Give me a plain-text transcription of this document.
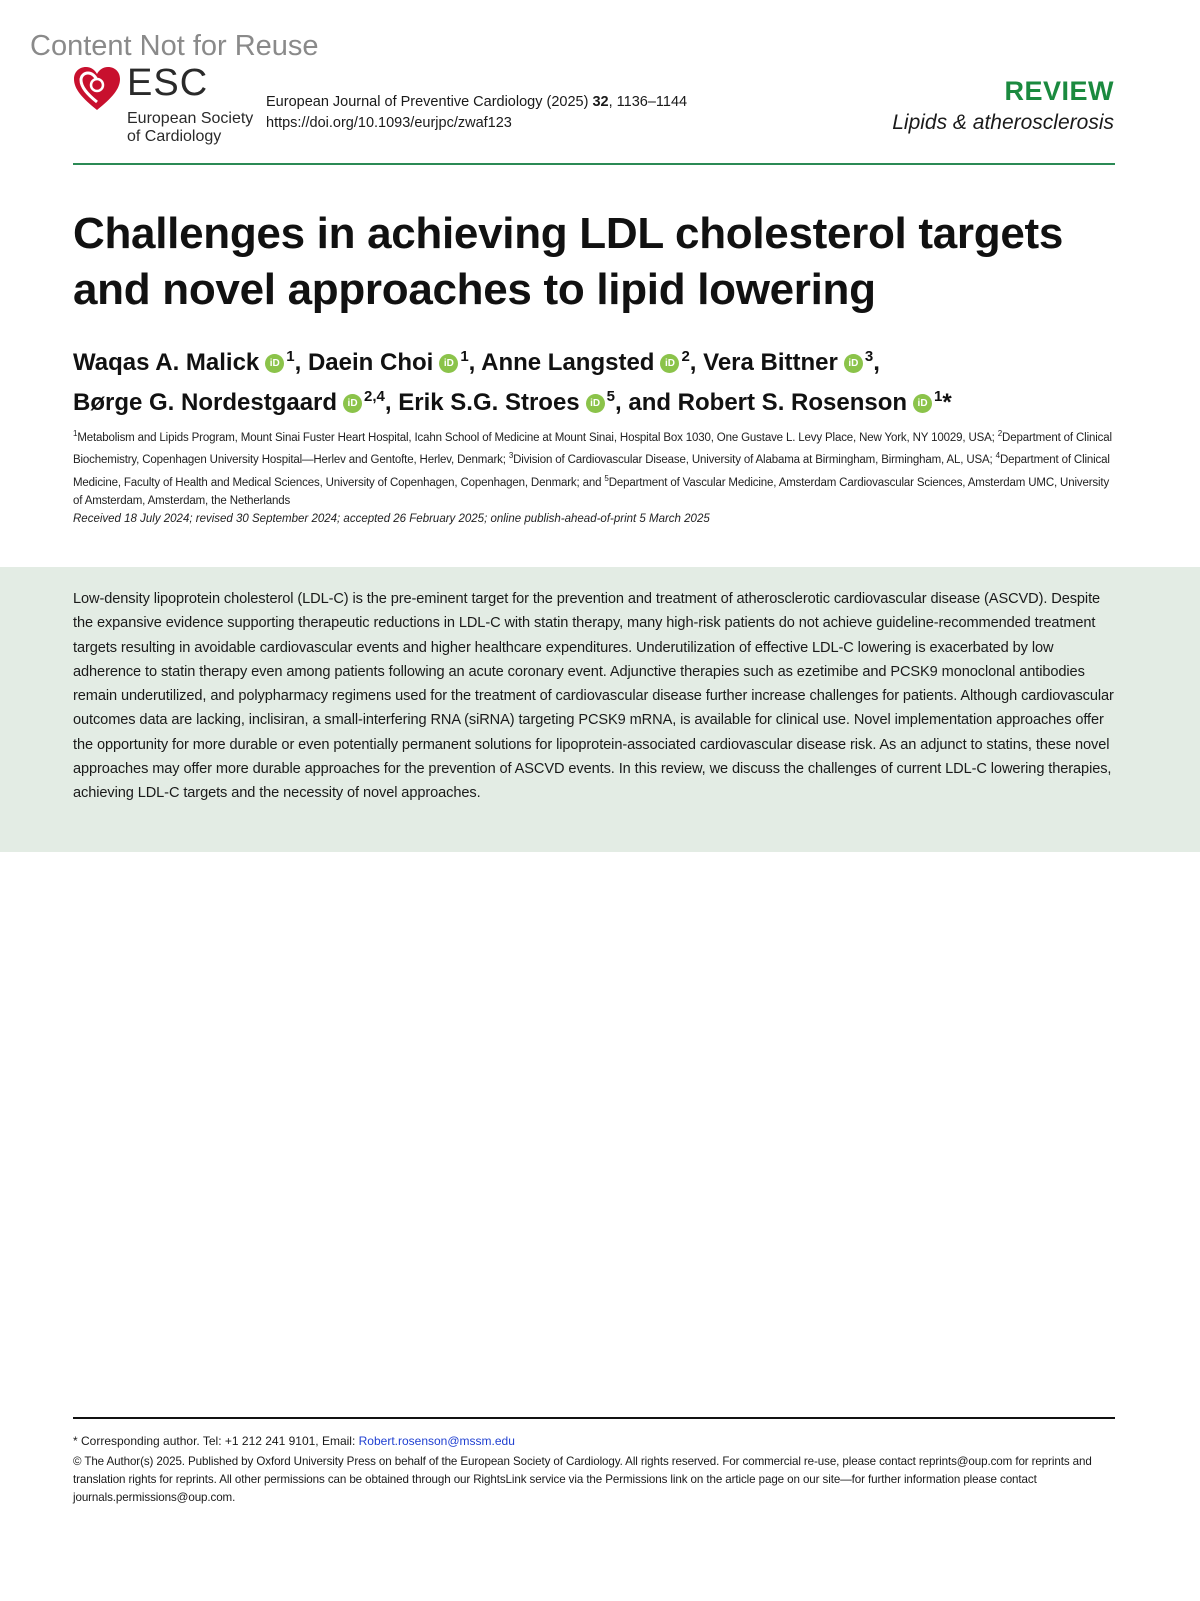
Content Not for Reuse
ESC
European Society
of Cardiology
European Journal of Preventive Cardiology (2025) 32, 1136–1144
https://doi.org/10.1093/eurjpc/zwaf123
REVIEW
Lipids & atherosclerosis
Challenges in achieving LDL cholesterol targets
and novel approaches to lipid lowering
Waqas A. Malick iD $^1$, Daein Choi iD $^1$, Anne Langsted iD $^2$, Vera Bittner iD $^3$,
Børge G. Nordestgaard iD $^{2,4}$, Erik S.G. Stroes iD $^5$, and Robert S. Rosenson iD $^1$*
$^1$Metabolism and Lipids Program, Mount Sinai Fuster Heart Hospital, Icahn School of Medicine at Mount Sinai, Hospital Box 1030, One Gustave L. Levy Place, New York, NY 10029, USA; $^2$Department of Clinical Biochemistry, Copenhagen University Hospital—Herlev and Gentofte, Herlev, Denmark; $^3$Division of Cardiovascular Disease, University of Alabama at Birmingham, Birmingham, AL, USA; $^4$Department of Clinical Medicine, Faculty of Health and Medical Sciences, University of Copenhagen, Copenhagen, Denmark; and $^5$Department of Vascular Medicine, Amsterdam Cardiovascular Sciences, Amsterdam UMC, University of Amsterdam, Amsterdam, the Netherlands
Received 18 July 2024; revised 30 September 2024; accepted 26 February 2025; online publish-ahead-of-print 5 March 2025
Low-density lipoprotein cholesterol (LDL-C) is the pre-eminent target for the prevention and treatment of atherosclerotic cardiovascular disease (ASCVD). Despite the expansive evidence supporting therapeutic reductions in LDL-C with statin therapy, many high-risk patients do not achieve guideline-recommended treatment targets resulting in avoidable cardiovascular events and higher healthcare expenditures. Underutilization of effective LDL-C lowering is exacerbated by low adherence to statin therapy even among patients following an acute coronary event. Adjunctive therapies such as ezetimibe and PCSK9 monoclonal antibodies remain underutilized, and polypharmacy regimens used for the treatment of cardiovascular disease further increase challenges for patients. Although cardiovascular outcomes data are lacking, inclisiran, a small-interfering RNA (siRNA) targeting PCSK9 mRNA, is available for clinical use. Novel implementation approaches offer the opportunity for more durable or even potentially permanent solutions for lipoprotein-associated cardiovascular disease risk. As an adjunct to statins, these novel approaches may offer more durable approaches for the prevention of ASCVD events. In this review, we discuss the challenges of current LDL-C lowering therapies, achieving LDL-C targets and the necessity of novel approaches.
* Corresponding author. Tel: +1 212 241 9101, Email: Robert.rosenson@mssm.edu
© The Author(s) 2025. Published by Oxford University Press on behalf of the European Society of Cardiology. All rights reserved. For commercial re-use, please contact reprints@oup.com for reprints and translation rights for reprints. All other permissions can be obtained through our RightsLink service via the Permissions link on the article page on our site—for further information please contact journals.permissions@oup.com.
